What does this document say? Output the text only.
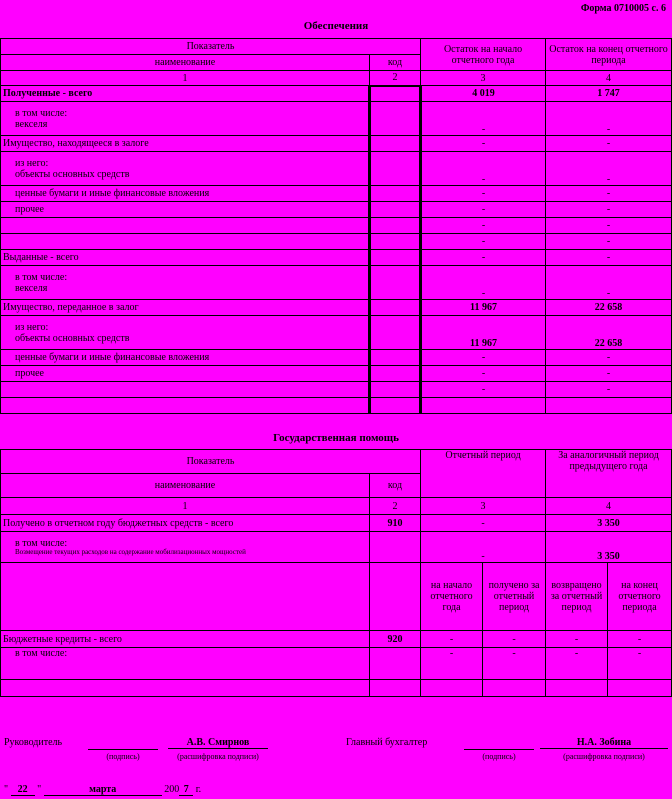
Форма 0710005 с. 6
Обеспечения
Показатель		Остаток на начало отчетного года	Остаток на конец отчетного периода
наименование	код		
1	2	3	4
Полученные - всего		4 019	1 747

в том числе:
векселя		-	-
Имущество, находящееся в залоге		-	-

из него:
объекты основных средств		-	-
ценные бумаги и иные финансовые вложения		-	-
прочее		-	-
		-	-
		-	-
Выданные - всего		-	-

в том числе:
векселя		-	-
Имущество, переданное в залог		11 967	22 658

из него:
объекты основных средств		11 967	22 658
ценные бумаги и иные финансовые вложения		-	-
прочее		-	-
		-	-

Государственная помощь
Показатель		Отчетный период		За аналогичный период предыдущего года	
наименование	код				
1	2	3		4	
Получено в отчетном году бюджетных средств - всего	910	-		3 350	

в том числе:
Возмещение текущих расходов на содержание мобилизационных мощностей		-		3 350	
		на начало отчетного года	получено за отчетный период	возвращено за отчетный период	на конец отчетного периода
Бюджетные кредиты - всего	920	-	-	-	-
в том числе:		-	-	-	-

Руководитель
(подпись)
А.В. Смирнов
(расшифровка подписи)
Главный бухгалтер
(подпись)
Н.А. Зобина
(расшифровка подписи)
" 22 "	марта	200 7 г.
